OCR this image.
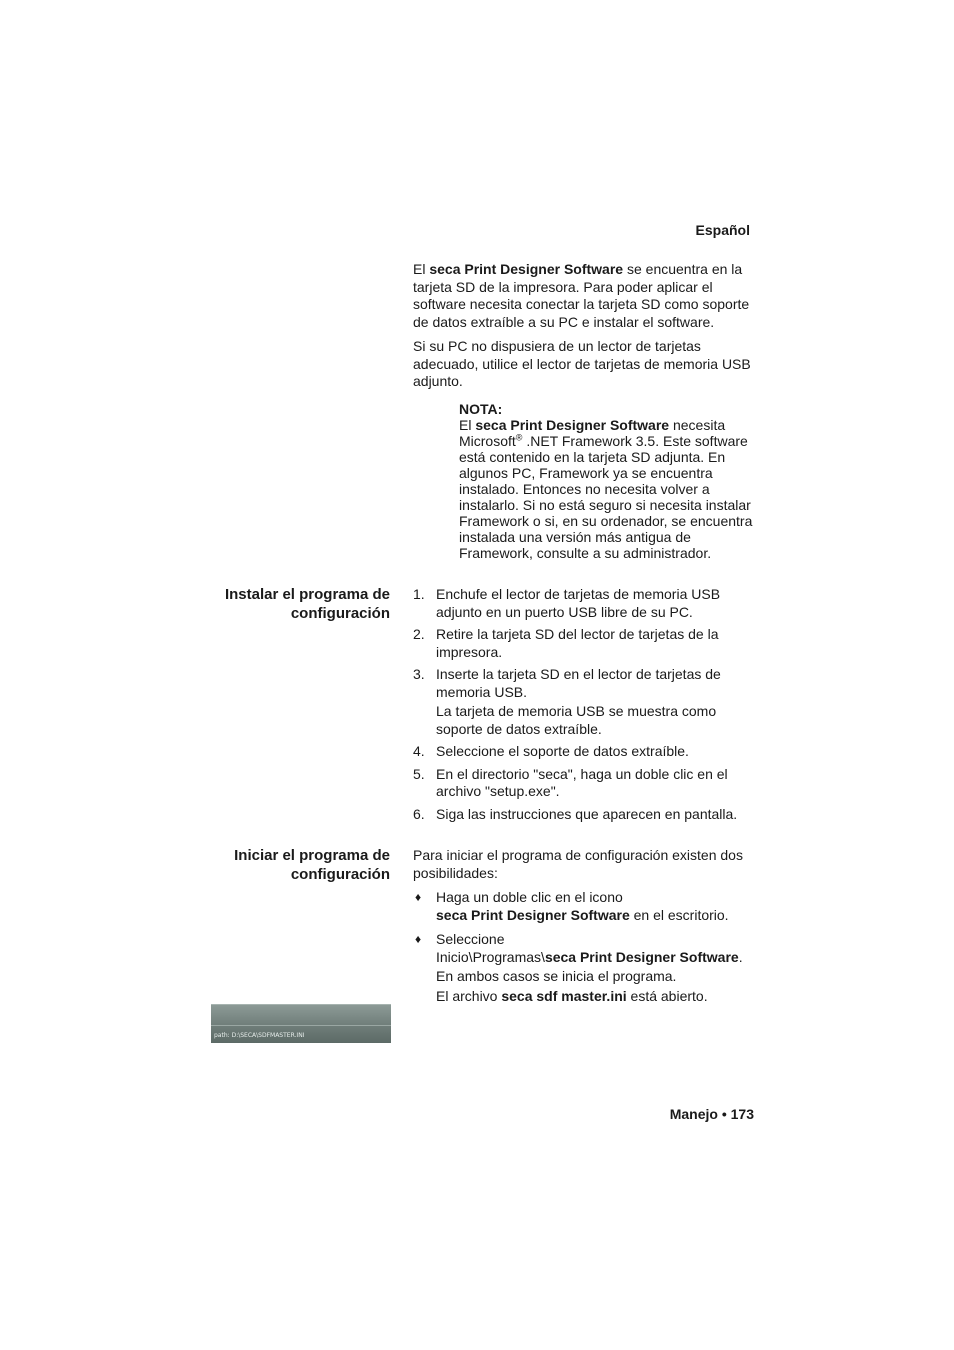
Español

El seca Print Designer Software se encuentra en la tarjeta SD de la impresora. Para poder aplicar el software necesita conectar la tarjeta SD como soporte de datos extraíble a su PC e instalar el software.

Si su PC no dispusiera de un lector de tarjetas adecuado, utilice el lector de tarjetas de memoria USB adjunto.

NOTA:
El seca Print Designer Software necesita Microsoft® .NET Framework 3.5. Este software está contenido en la tarjeta SD adjunta. En algunos PC, Framework ya se encuentra instalado. Entonces no necesita volver a instalarlo. Si no está seguro si necesita instalar Framework o si, en su ordenador, se encuentra instalada una versión más antigua de Framework, consulte a su administrador.
Instalar el programa de
configuración
1. Enchufe el lector de tarjetas de memoria USB adjunto en un puerto USB libre de su PC.
2. Retire la tarjeta SD del lector de tarjetas de la impresora.
3. Inserte la tarjeta SD en el lector de tarjetas de memoria USB.
La tarjeta de memoria USB se muestra como soporte de datos extraíble.
4. Seleccione el soporte de datos extraíble.
5. En el directorio "seca", haga un doble clic en el archivo "setup.exe".
6. Siga las instrucciones que aparecen en pantalla.
Iniciar el programa de
configuración

Para iniciar el programa de configuración existen dos posibilidades:

♦ Haga un doble clic en el icono
seca Print Designer Software en el escritorio.
♦ Seleccione
Inicio\Programas\seca Print Designer Software.
En ambos casos se inicia el programa.
El archivo seca sdf master.ini está abierto.
path: D:\SECA\SDFMASTER.INI
Manejo • 173
